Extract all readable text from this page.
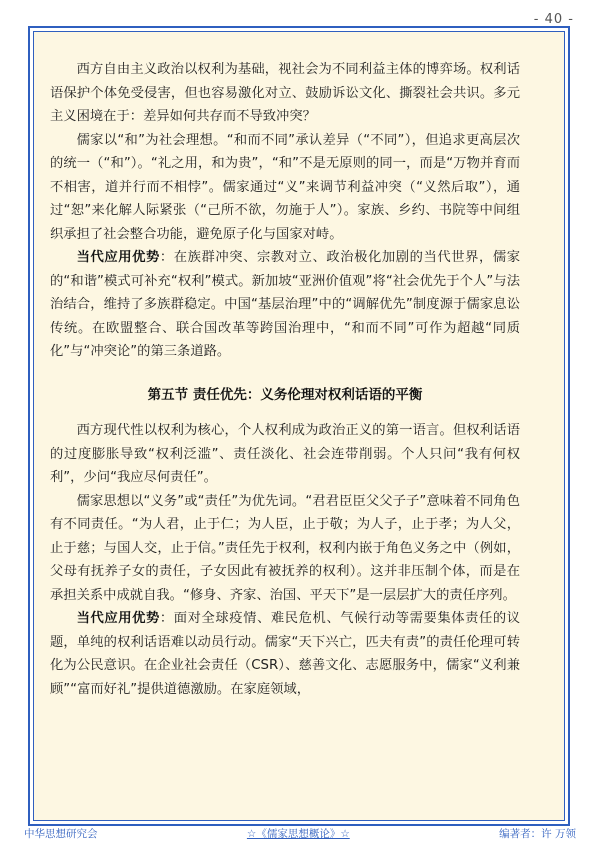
- 40 -

西方自由主义政治以权利为基础，视社会为不同利益主体的博弈场。权利话语保护个体免受侵害，但也容易激化对立、鼓励诉讼文化、撕裂社会共识。多元主义困境在于：差异如何共存而不导致冲突？

儒家以“和”为社会理想。“和而不同”承认差异（“不同”），但追求更高层次的统一（“和”）。“礼之用，和为贵”，“和”不是无原则的同一，而是“万物并育而不相害，道并行而不相悖”。儒家通过“义”来调节利益冲突（“义然后取”），通过“恕”来化解人际紧张（“己所不欲，勿施于人”）。家族、乡约、书院等中间组织承担了社会整合功能，避免原子化与国家对峙。

当代应用优势：在族群冲突、宗教对立、政治极化加剧的当代世界，儒家的“和谐”模式可补充“权利”模式。新加坡“亚洲价值观”将“社会优先于个人”与法治结合，维持了多族群稳定。中国“基层治理”中的“调解优先”制度源于儒家息讼传统。在欧盟整合、联合国改革等跨国治理中，“和而不同”可作为超越“同质化”与“冲突论”的第三条道路。

第五节 责任优先：义务伦理对权利话语的平衡

西方现代性以权利为核心，个人权利成为政治正义的第一语言。但权利话语的过度膨胀导致“权利泛滥”、责任淡化、社会连带削弱。个人只问“我有何权利”，少问“我应尽何责任”。

儒家思想以“义务”或“责任”为优先词。“君君臣臣父父子子”意味着不同角色有不同责任。“为人君，止于仁；为人臣，止于敬；为人子，止于孝；为人父，止于慈；与国人交，止于信。”责任先于权利，权利内嵌于角色义务之中（例如，父母有抚养子女的责任，子女因此有被抚养的权利）。这并非压制个体，而是在承担关系中成就自我。“修身、齐家、治国、平天下”是一层层扩大的责任序列。

当代应用优势：面对全球疫情、难民危机、气候行动等需要集体责任的议题，单纯的权利话语难以动员行动。儒家“天下兴亡，匹夫有责”的责任伦理可转化为公民意识。在企业社会责任（CSR）、慈善文化、志愿服务中，儒家“义利兼顾”“富而好礼”提供道德激励。在家庭领域，

中华思想研究会	☆《儒家思想概论》☆	编著者：许 万领
